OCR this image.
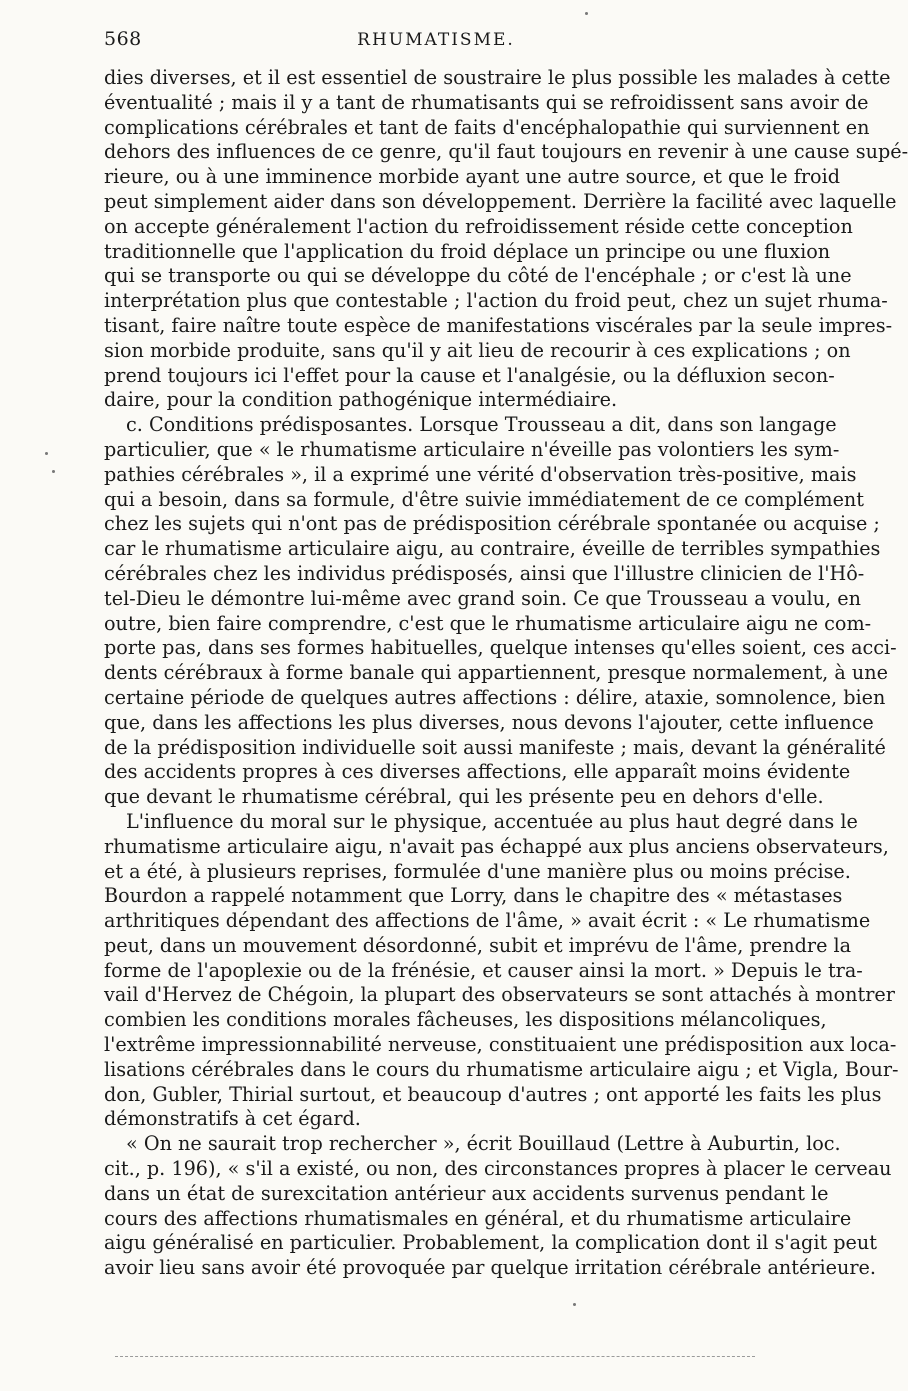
568	RHUMATISME.
dies diverses, et il est essentiel de soustraire le plus possible les malades à cette
éventualité ; mais il y a tant de rhumatisants qui se refroidissent sans avoir de
complications cérébrales et tant de faits d'encéphalopathie qui surviennent en
dehors des influences de ce genre, qu'il faut toujours en revenir à une cause supé-
rieure, ou à une imminence morbide ayant une autre source, et que le froid
peut simplement aider dans son développement. Derrière la facilité avec laquelle
on accepte généralement l'action du refroidissement réside cette conception
traditionnelle que l'application du froid déplace un principe ou une fluxion
qui se transporte ou qui se développe du côté de l'encéphale ; or c'est là une
interprétation plus que contestable ; l'action du froid peut, chez un sujet rhuma-
tisant, faire naître toute espèce de manifestations viscérales par la seule impres-
sion morbide produite, sans qu'il y ait lieu de recourir à ces explications ; on
prend toujours ici l'effet pour la cause et l'analgésie, ou la défluxion secon-
daire, pour la condition pathogénique intermédiaire.
c. Conditions prédisposantes. Lorsque Trousseau a dit, dans son langage
particulier, que « le rhumatisme articulaire n'éveille pas volontiers les sym-
pathies cérébrales », il a exprimé une vérité d'observation très-positive, mais
qui a besoin, dans sa formule, d'être suivie immédiatement de ce complément
chez les sujets qui n'ont pas de prédisposition cérébrale spontanée ou acquise ;
car le rhumatisme articulaire aigu, au contraire, éveille de terribles sympathies
cérébrales chez les individus prédisposés, ainsi que l'illustre clinicien de l'Hô-
tel-Dieu le démontre lui-même avec grand soin. Ce que Trousseau a voulu, en
outre, bien faire comprendre, c'est que le rhumatisme articulaire aigu ne com-
porte pas, dans ses formes habituelles, quelque intenses qu'elles soient, ces acci-
dents cérébraux à forme banale qui appartiennent, presque normalement, à une
certaine période de quelques autres affections : délire, ataxie, somnolence, bien
que, dans les affections les plus diverses, nous devons l'ajouter, cette influence
de la prédisposition individuelle soit aussi manifeste ; mais, devant la généralité
des accidents propres à ces diverses affections, elle apparaît moins évidente
que devant le rhumatisme cérébral, qui les présente peu en dehors d'elle.
L'influence du moral sur le physique, accentuée au plus haut degré dans le
rhumatisme articulaire aigu, n'avait pas échappé aux plus anciens observateurs,
et a été, à plusieurs reprises, formulée d'une manière plus ou moins précise.
Bourdon a rappelé notamment que Lorry, dans le chapitre des « métastases
arthritiques dépendant des affections de l'âme, » avait écrit : « Le rhumatisme
peut, dans un mouvement désordonné, subit et imprévu de l'âme, prendre la
forme de l'apoplexie ou de la frénésie, et causer ainsi la mort. » Depuis le tra-
vail d'Hervez de Chégoin, la plupart des observateurs se sont attachés à montrer
combien les conditions morales fâcheuses, les dispositions mélancoliques,
l'extrême impressionnabilité nerveuse, constituaient une prédisposition aux loca-
lisations cérébrales dans le cours du rhumatisme articulaire aigu ; et Vigla, Bour-
don, Gubler, Thirial surtout, et beaucoup d'autres ; ont apporté les faits les plus
démonstratifs à cet égard.
« On ne saurait trop rechercher », écrit Bouillaud (Lettre à Auburtin, loc.
cit., p. 196), « s'il a existé, ou non, des circonstances propres à placer le cerveau
dans un état de surexcitation antérieur aux accidents survenus pendant le
cours des affections rhumatismales en général, et du rhumatisme articulaire
aigu généralisé en particulier. Probablement, la complication dont il s'agit peut
avoir lieu sans avoir été provoquée par quelque irritation cérébrale antérieure.
